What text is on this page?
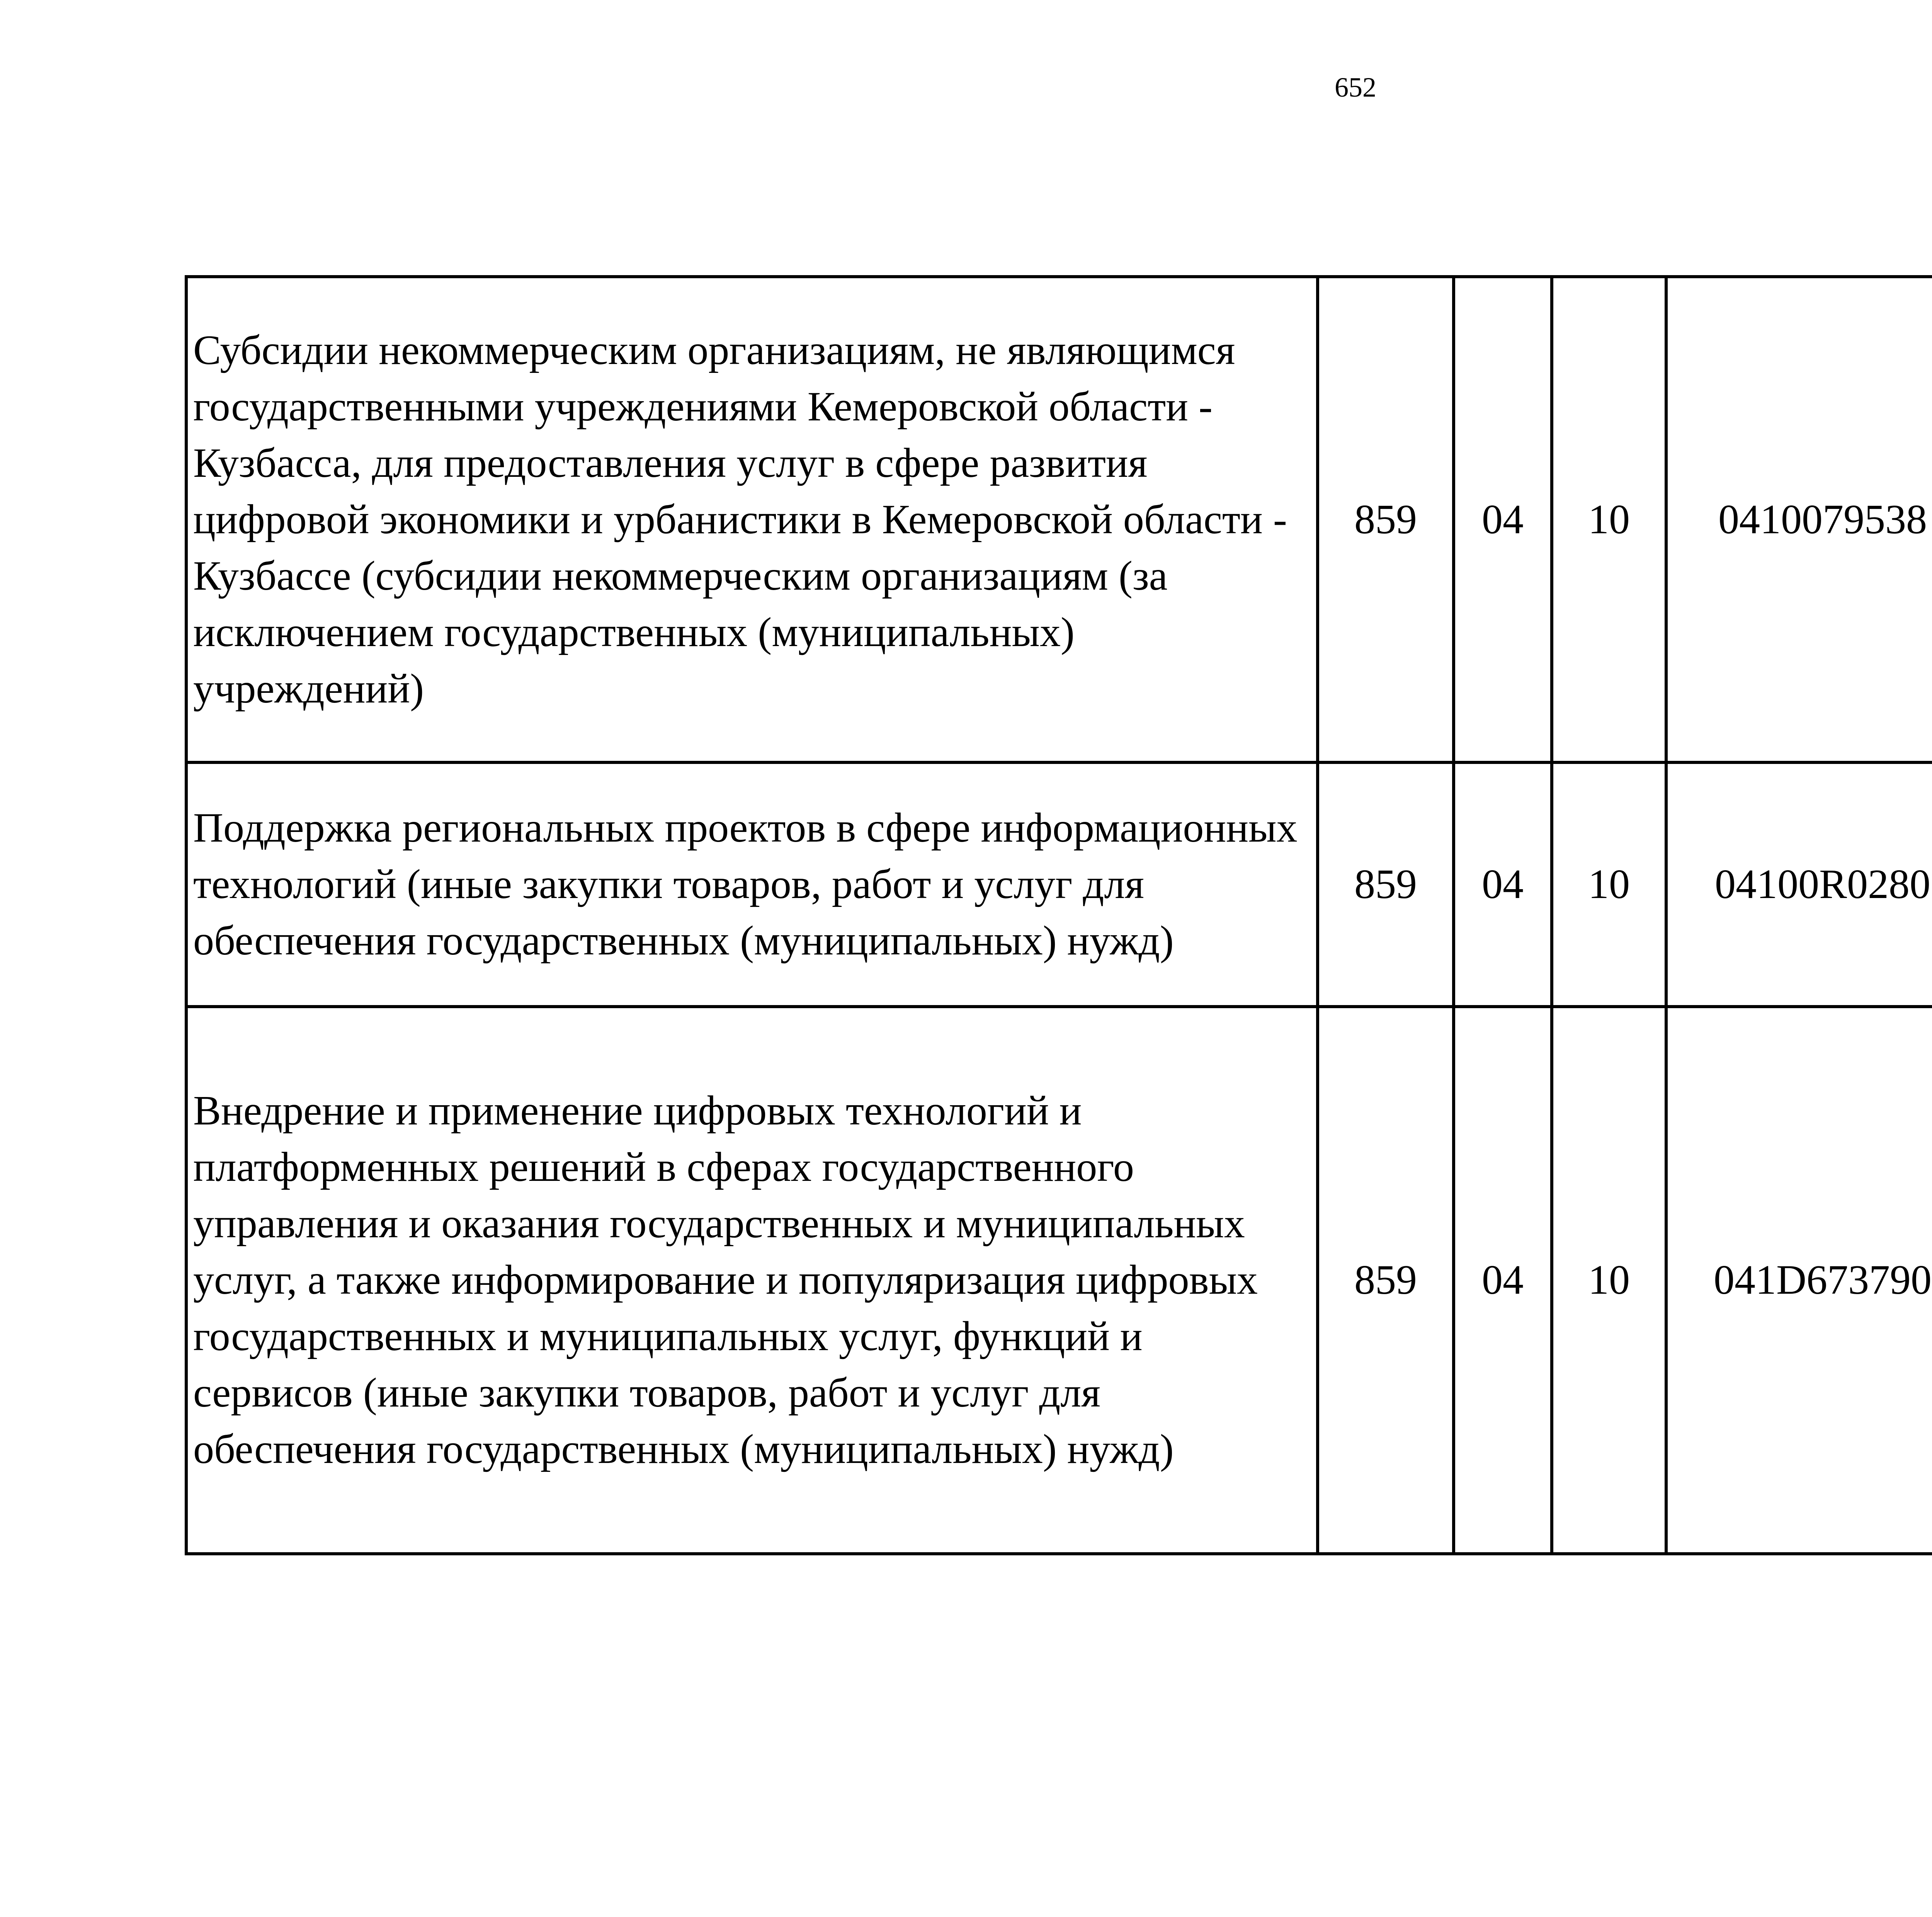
652
Субсидии некоммерческим организациям, не являющимся государственными учреждениями Кемеровской области - Кузбасса, для предоставления услуг в сфере развития цифровой экономики и урбанистики в Кемеровской области - Кузбассе (субсидии некоммерческим организациям (за исключением государственных (муниципальных) учреждений)	859	04	10	0410079538		
Поддержка региональных проектов в сфере информационных технологий (иные закупки товаров, работ и услуг для обеспечения государственных (муниципальных) нужд)	859	04	10	04100R0280		
Внедрение и применение цифровых технологий и платформенных решений в сферах государственного управления и оказания государственных и муниципальных услуг, а также информирование и популяризация цифровых государственных и муниципальных услуг, функций и сервисов (иные закупки товаров, работ и услуг для обеспечения государственных (муниципальных) нужд)	859	04	10	041D673790		
